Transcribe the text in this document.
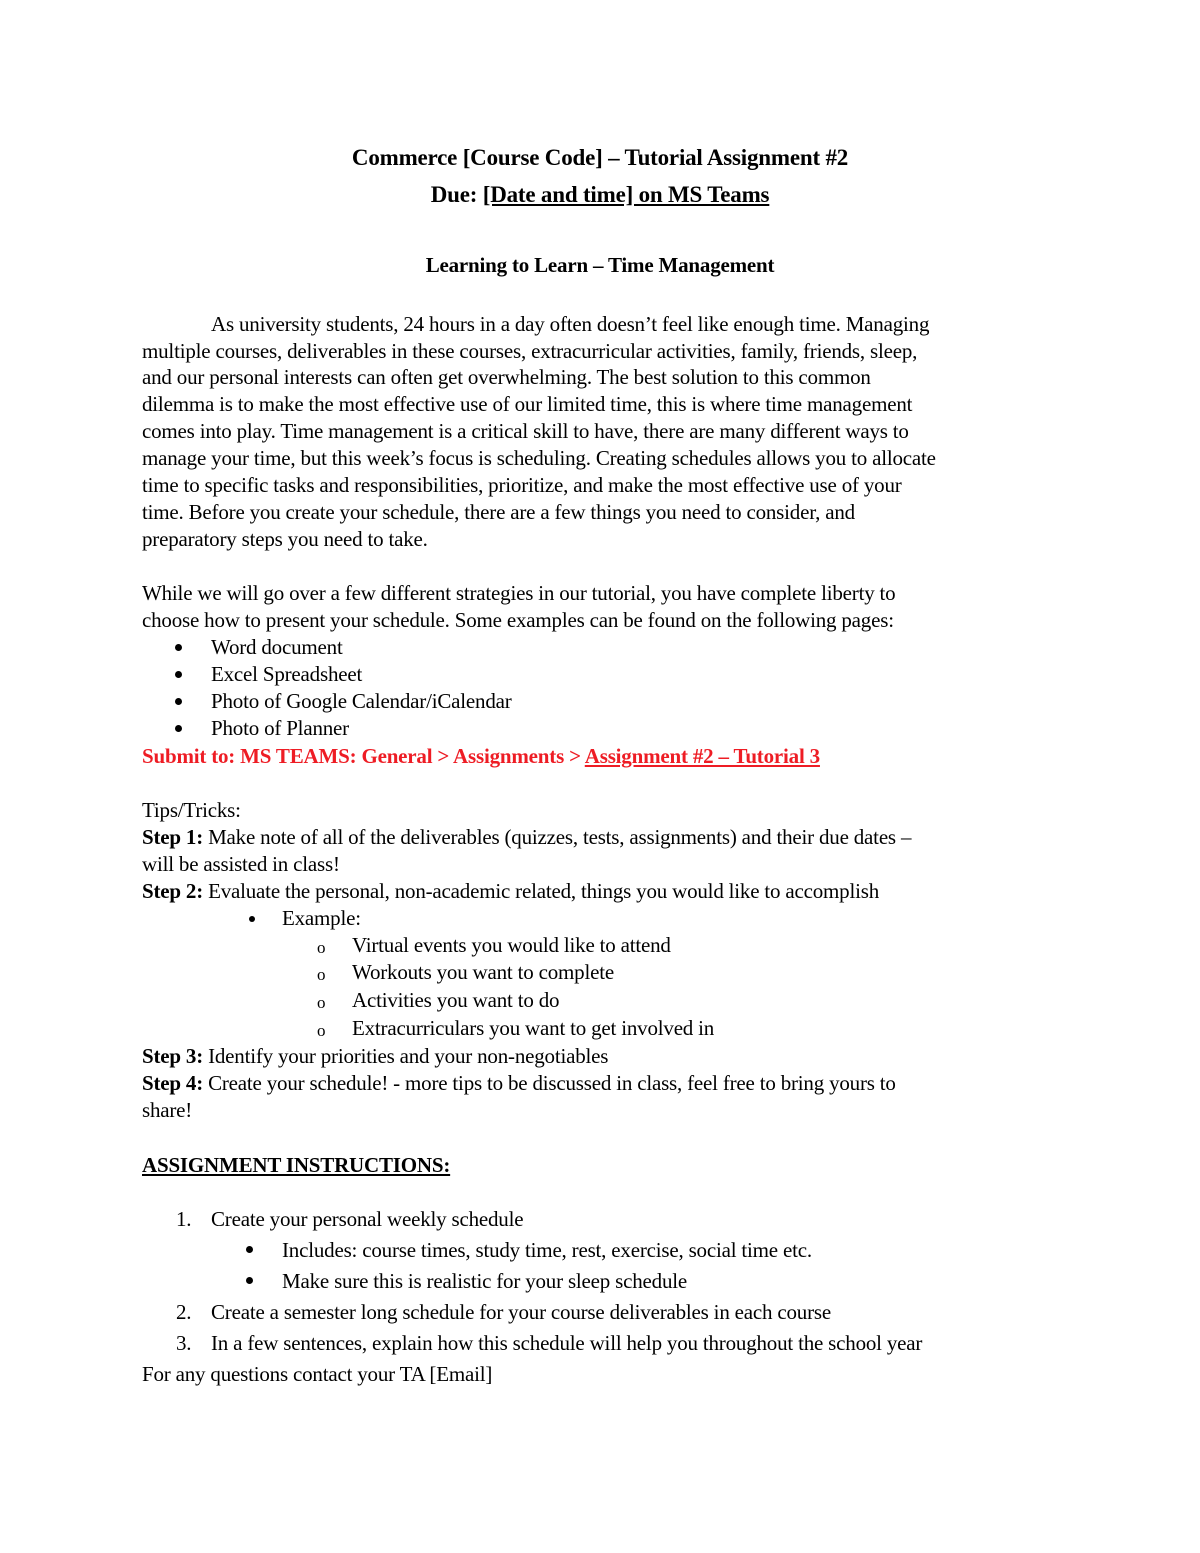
Commerce [Course Code] – Tutorial Assignment #2
Due: [Date and time] on MS Teams
Learning to Learn – Time Management
As university students, 24 hours in a day often doesn’t feel like enough time. Managing
multiple courses, deliverables in these courses, extracurricular activities, family, friends, sleep,
and our personal interests can often get overwhelming. The best solution to this common
dilemma is to make the most effective use of our limited time, this is where time management
comes into play. Time management is a critical skill to have, there are many different ways to
manage your time, but this week’s focus is scheduling. Creating schedules allows you to allocate
time to specific tasks and responsibilities, prioritize, and make the most effective use of your
time. Before you create your schedule, there are a few things you need to consider, and
preparatory steps you need to take.
While we will go over a few different strategies in our tutorial, you have complete liberty to
choose how to present your schedule. Some examples can be found on the following pages:
Word document
Excel Spreadsheet
Photo of Google Calendar/iCalendar
Photo of Planner
Submit to: MS TEAMS: General > Assignments > Assignment #2 – Tutorial 3
Tips/Tricks:
Step 1: Make note of all of the deliverables (quizzes, tests, assignments) and their due dates –
will be assisted in class!
Step 2: Evaluate the personal, non-academic related, things you would like to accomplish
Example:
o Virtual events you would like to attend
o Workouts you want to complete
o Activities you want to do
o Extracurriculars you want to get involved in
Step 3: Identify your priorities and your non-negotiables
Step 4: Create your schedule! - more tips to be discussed in class, feel free to bring yours to
share!
ASSIGNMENT INSTRUCTIONS:
1. Create your personal weekly schedule
Includes: course times, study time, rest, exercise, social time etc.
Make sure this is realistic for your sleep schedule
2. Create a semester long schedule for your course deliverables in each course
3. In a few sentences, explain how this schedule will help you throughout the school year
For any questions contact your TA [Email]
